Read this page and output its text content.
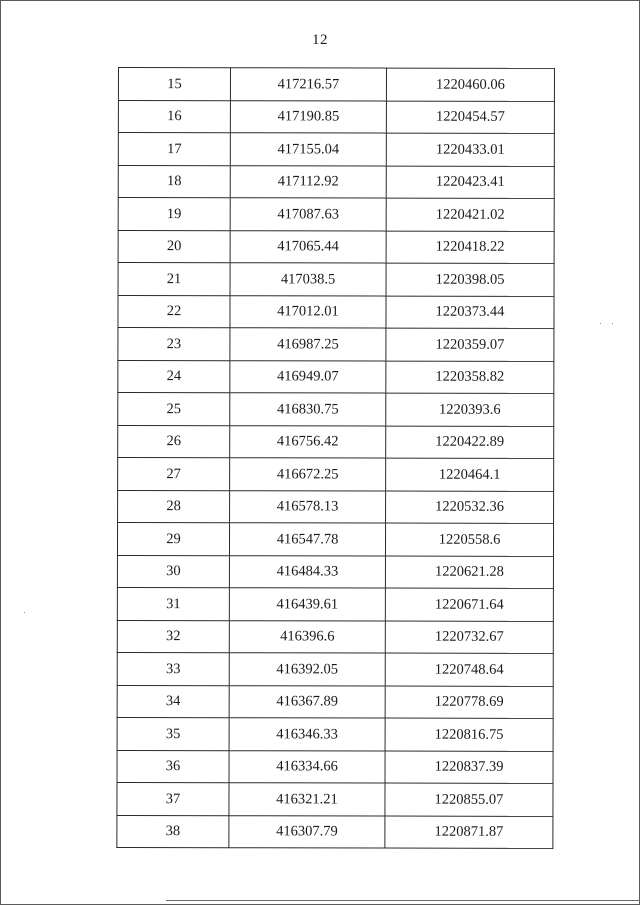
12
15	417216.57	1220460.06
16	417190.85	1220454.57
17	417155.04	1220433.01
18	417112.92	1220423.41
19	417087.63	1220421.02
20	417065.44	1220418.22
21	417038.5	1220398.05
22	417012.01	1220373.44
23	416987.25	1220359.07
24	416949.07	1220358.82
25	416830.75	1220393.6
26	416756.42	1220422.89
27	416672.25	1220464.1
28	416578.13	1220532.36
29	416547.78	1220558.6
30	416484.33	1220621.28
31	416439.61	1220671.64
32	416396.6	1220732.67
33	416392.05	1220748.64
34	416367.89	1220778.69
35	416346.33	1220816.75
36	416334.66	1220837.39
37	416321.21	1220855.07
38	416307.79	1220871.87
